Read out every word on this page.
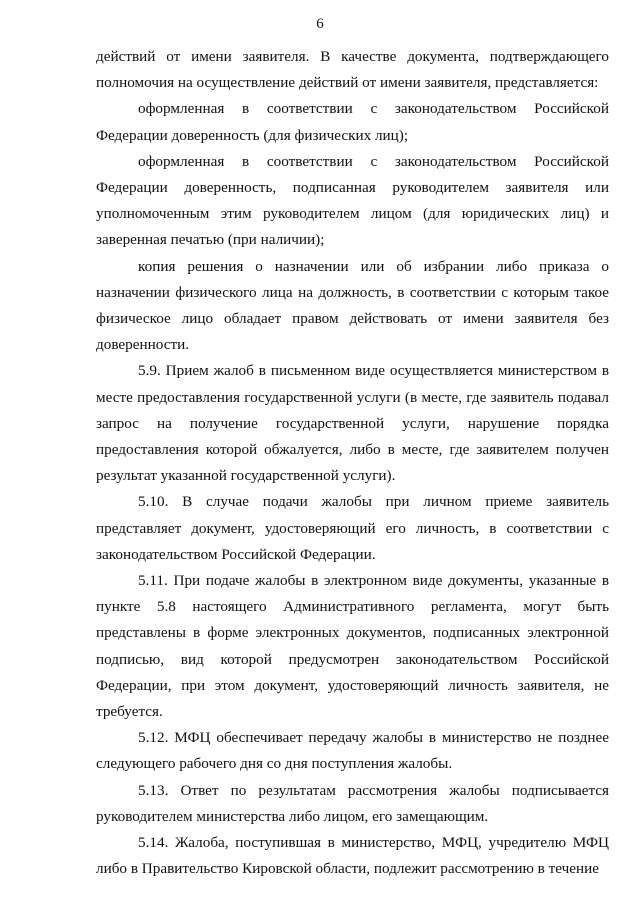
6

действий от имени заявителя. В качестве документа, подтверждающего полномочия на осуществление действий от имени заявителя, представляется:

оформленная в соответствии с законодательством Российской Федерации доверенность (для физических лиц);

оформленная в соответствии с законодательством Российской Федерации доверенность, подписанная руководителем заявителя или уполномоченным этим руководителем лицом (для юридических лиц) и заверенная печатью (при наличии);

копия решения о назначении или об избрании либо приказа о назначении физического лица на должность, в соответствии с которым такое физическое лицо обладает правом действовать от имени заявителя без доверенности.

5.9. Прием жалоб в письменном виде осуществляется министерством в месте предоставления государственной услуги (в месте, где заявитель подавал запрос на получение государственной услуги, нарушение порядка предоставления которой обжалуется, либо в месте, где заявителем получен результат указанной государственной услуги).

5.10. В случае подачи жалобы при личном приеме заявитель представляет документ, удостоверяющий его личность, в соответствии с законодательством Российской Федерации.

5.11. При подаче жалобы в электронном виде документы, указанные в пункте 5.8 настоящего Административного регламента, могут быть представлены в форме электронных документов, подписанных электронной подписью, вид которой предусмотрен законодательством Российской Федерации, при этом документ, удостоверяющий личность заявителя, не требуется.

5.12. МФЦ обеспечивает передачу жалобы в министерство не позднее следующего рабочего дня со дня поступления жалобы.

5.13. Ответ по результатам рассмотрения жалобы подписывается руководителем министерства либо лицом, его замещающим.

5.14. Жалоба, поступившая в министерство, МФЦ, учредителю МФЦ либо в Правительство Кировской области, подлежит рассмотрению в течение
